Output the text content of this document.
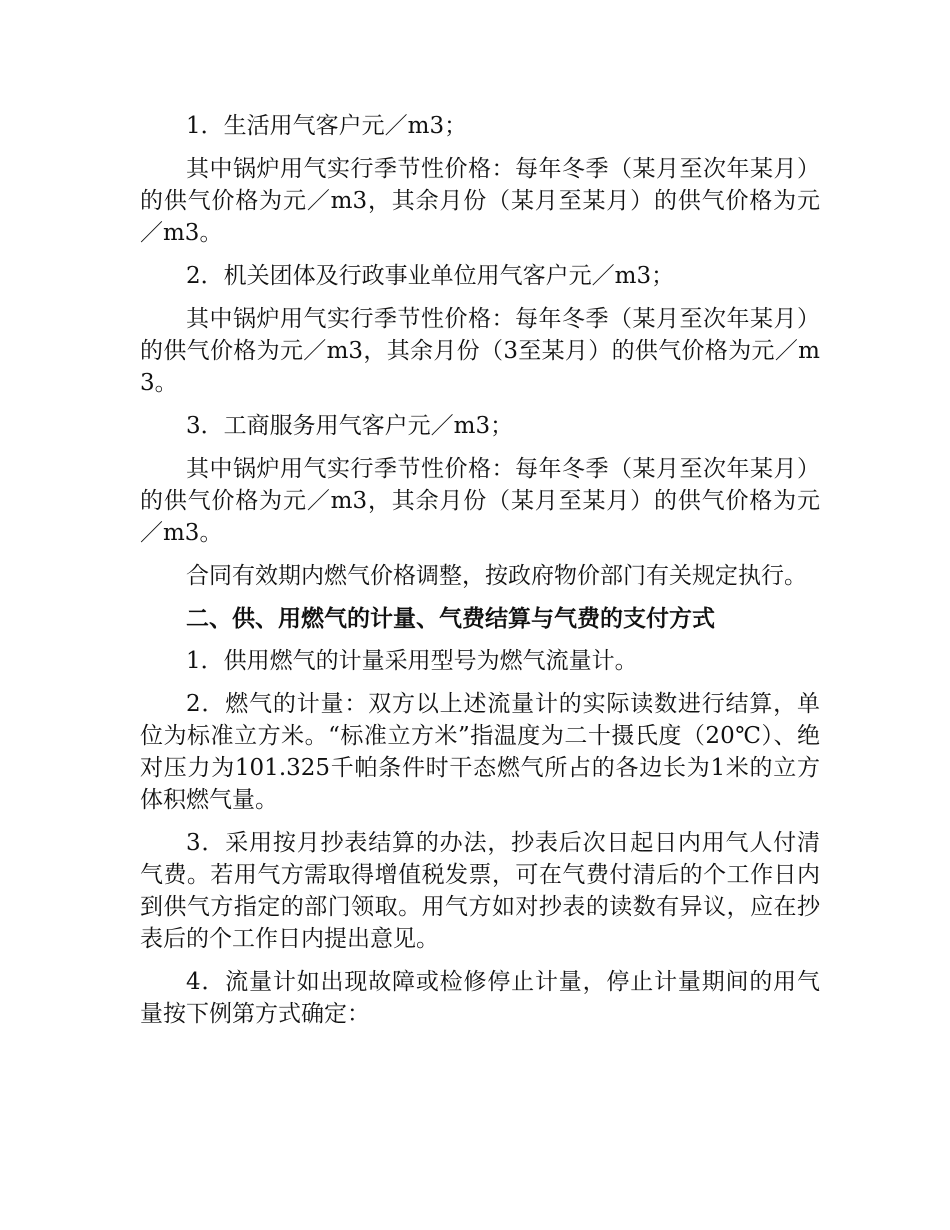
1．生活用气客户元／m3；

其中锅炉用气实行季节性价格：每年冬季（某月至次年某月）的供气价格为元／m3，其余月份（某月至某月）的供气价格为元／m3。

2．机关团体及行政事业单位用气客户元／m3；

其中锅炉用气实行季节性价格：每年冬季（某月至次年某月）的供气价格为元／m3，其余月份（3至某月）的供气价格为元／m3。

3．工商服务用气客户元／m3；

其中锅炉用气实行季节性价格：每年冬季（某月至次年某月）的供气价格为元／m3，其余月份（某月至某月）的供气价格为元／m3。

合同有效期内燃气价格调整，按政府物价部门有关规定执行。

二、供、用燃气的计量、气费结算与气费的支付方式

1．供用燃气的计量采用型号为燃气流量计。

2．燃气的计量：双方以上述流量计的实际读数进行结算，单位为标准立方米。“标准立方米”指温度为二十摄氏度（20℃）、绝对压力为101.325千帕条件时干态燃气所占的各边长为1米的立方体积燃气量。

3．采用按月抄表结算的办法，抄表后次日起日内用气人付清气费。若用气方需取得增值税发票，可在气费付清后的个工作日内到供气方指定的部门领取。用气方如对抄表的读数有异议，应在抄表后的个工作日内提出意见。

4．流量计如出现故障或检修停止计量，停止计量期间的用气量按下例第方式确定：
